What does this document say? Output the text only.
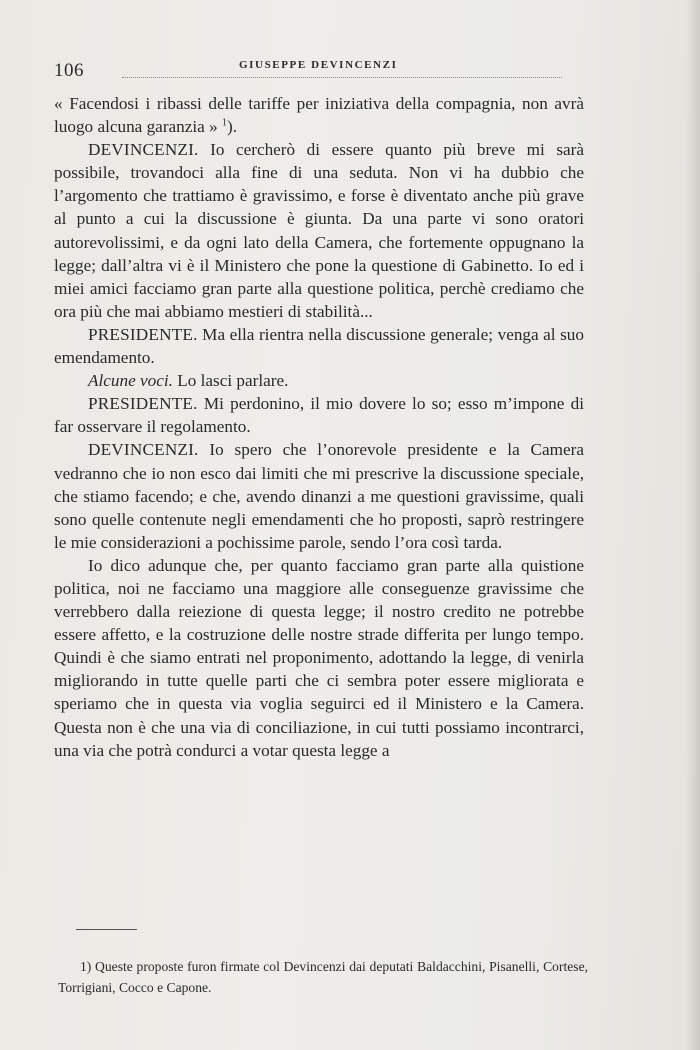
106	GIUSEPPE DEVINCENZI

« Facendosi i ribassi delle tariffe per iniziativa della compagnia, non avrà luogo alcuna garanzia » $^1$).

DEVINCENZI. Io cercherò di essere quanto più breve mi sarà possibile, trovandoci alla fine di una seduta. Non vi ha dubbio che l’argomento che trattiamo è gravissimo, e forse è diventato anche più grave al punto a cui la discussione è giunta. Da una parte vi sono oratori autorevolissimi, e da ogni lato della Camera, che fortemente oppugnano la legge; dall’altra vi è il Ministero che pone la questione di Gabinetto. Io ed i miei amici facciamo gran parte alla questione politica, perchè crediamo che ora più che mai abbiamo mestieri di stabilità...

PRESIDENTE. Ma ella rientra nella discussione generale; venga al suo emendamento.

Alcune voci. Lo lasci parlare.

PRESIDENTE. Mi perdonino, il mio dovere lo so; esso m’impone di far osservare il regolamento.

DEVINCENZI. Io spero che l’onorevole presidente e la Camera vedranno che io non esco dai limiti che mi prescrive la discussione speciale, che stiamo facendo; e che, avendo dinanzi a me questioni gravissime, quali sono quelle contenute negli emendamenti che ho proposti, saprò restringere le mie considerazioni a pochissime parole, sendo l’ora così tarda.

Io dico adunque che, per quanto facciamo gran parte alla quistione politica, noi ne facciamo una maggiore alle conseguenze gravissime che verrebbero dalla reiezione di questa legge; il nostro credito ne potrebbe essere affetto, e la costruzione delle nostre strade differita per lungo tempo. Quindi è che siamo entrati nel proponimento, adottando la legge, di venirla migliorando in tutte quelle parti che ci sembra poter essere migliorata e speriamo che in questa via voglia seguirci ed il Ministero e la Camera. Questa non è che una via di conciliazione, in cui tutti possiamo incontrarci, una via che potrà condurci a votar questa legge a

1) Queste proposte furon firmate col Devincenzi dai deputati Baldacchini, Pisanelli, Cortese, Torrigiani, Cocco e Capone.
